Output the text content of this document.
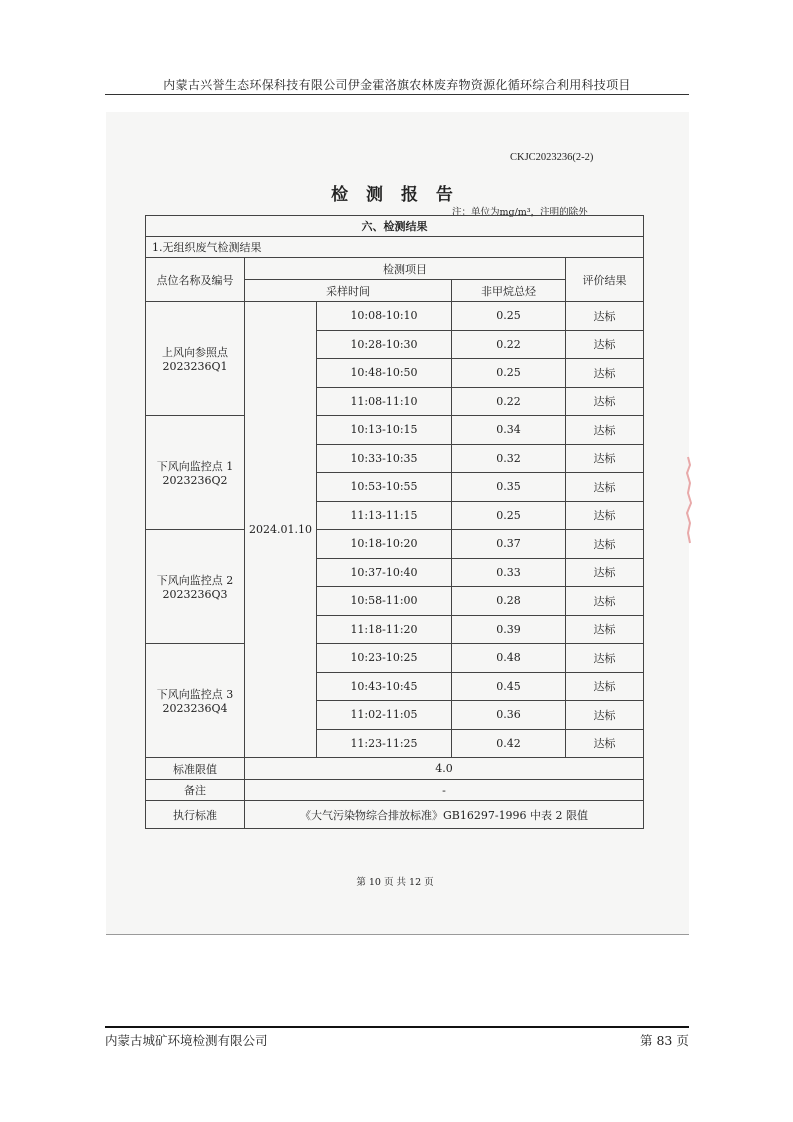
内蒙古兴誉生态环保科技有限公司伊金霍洛旗农林废弃物资源化循环综合利用科技项目
CKJC2023236(2-2)
检 测 报 告
注：单位为mg/m³，注明的除外
六、检测结果				
1.无组织废气检测结果				
点位名称及编号	检测项目			评价结果
	采样时间		非甲烷总烃	

上风向参照点
2023236Q1	2024.01.10	10:08-10:10	0.25	达标
		10:28-10:30	0.22	达标
		10:48-10:50	0.25	达标
		11:08-11:10	0.22	达标

下风向监控点 1
2023236Q2		10:13-10:15	0.34	达标
		10:33-10:35	0.32	达标
		10:53-10:55	0.35	达标
		11:13-11:15	0.25	达标

下风向监控点 2
2023236Q3		10:18-10:20	0.37	达标
		10:37-10:40	0.33	达标
		10:58-11:00	0.28	达标
		11:18-11:20	0.39	达标

下风向监控点 3
2023236Q4		10:23-10:25	0.48	达标
		10:43-10:45	0.45	达标
		11:02-11:05	0.36	达标
		11:23-11:25	0.42	达标
标准限值	4.0			
备注	-			
执行标准	《大气污染物综合排放标准》GB16297-1996 中表 2 限值			
第 10 页 共 12 页
内蒙古城矿环境检测有限公司	第 83 页
